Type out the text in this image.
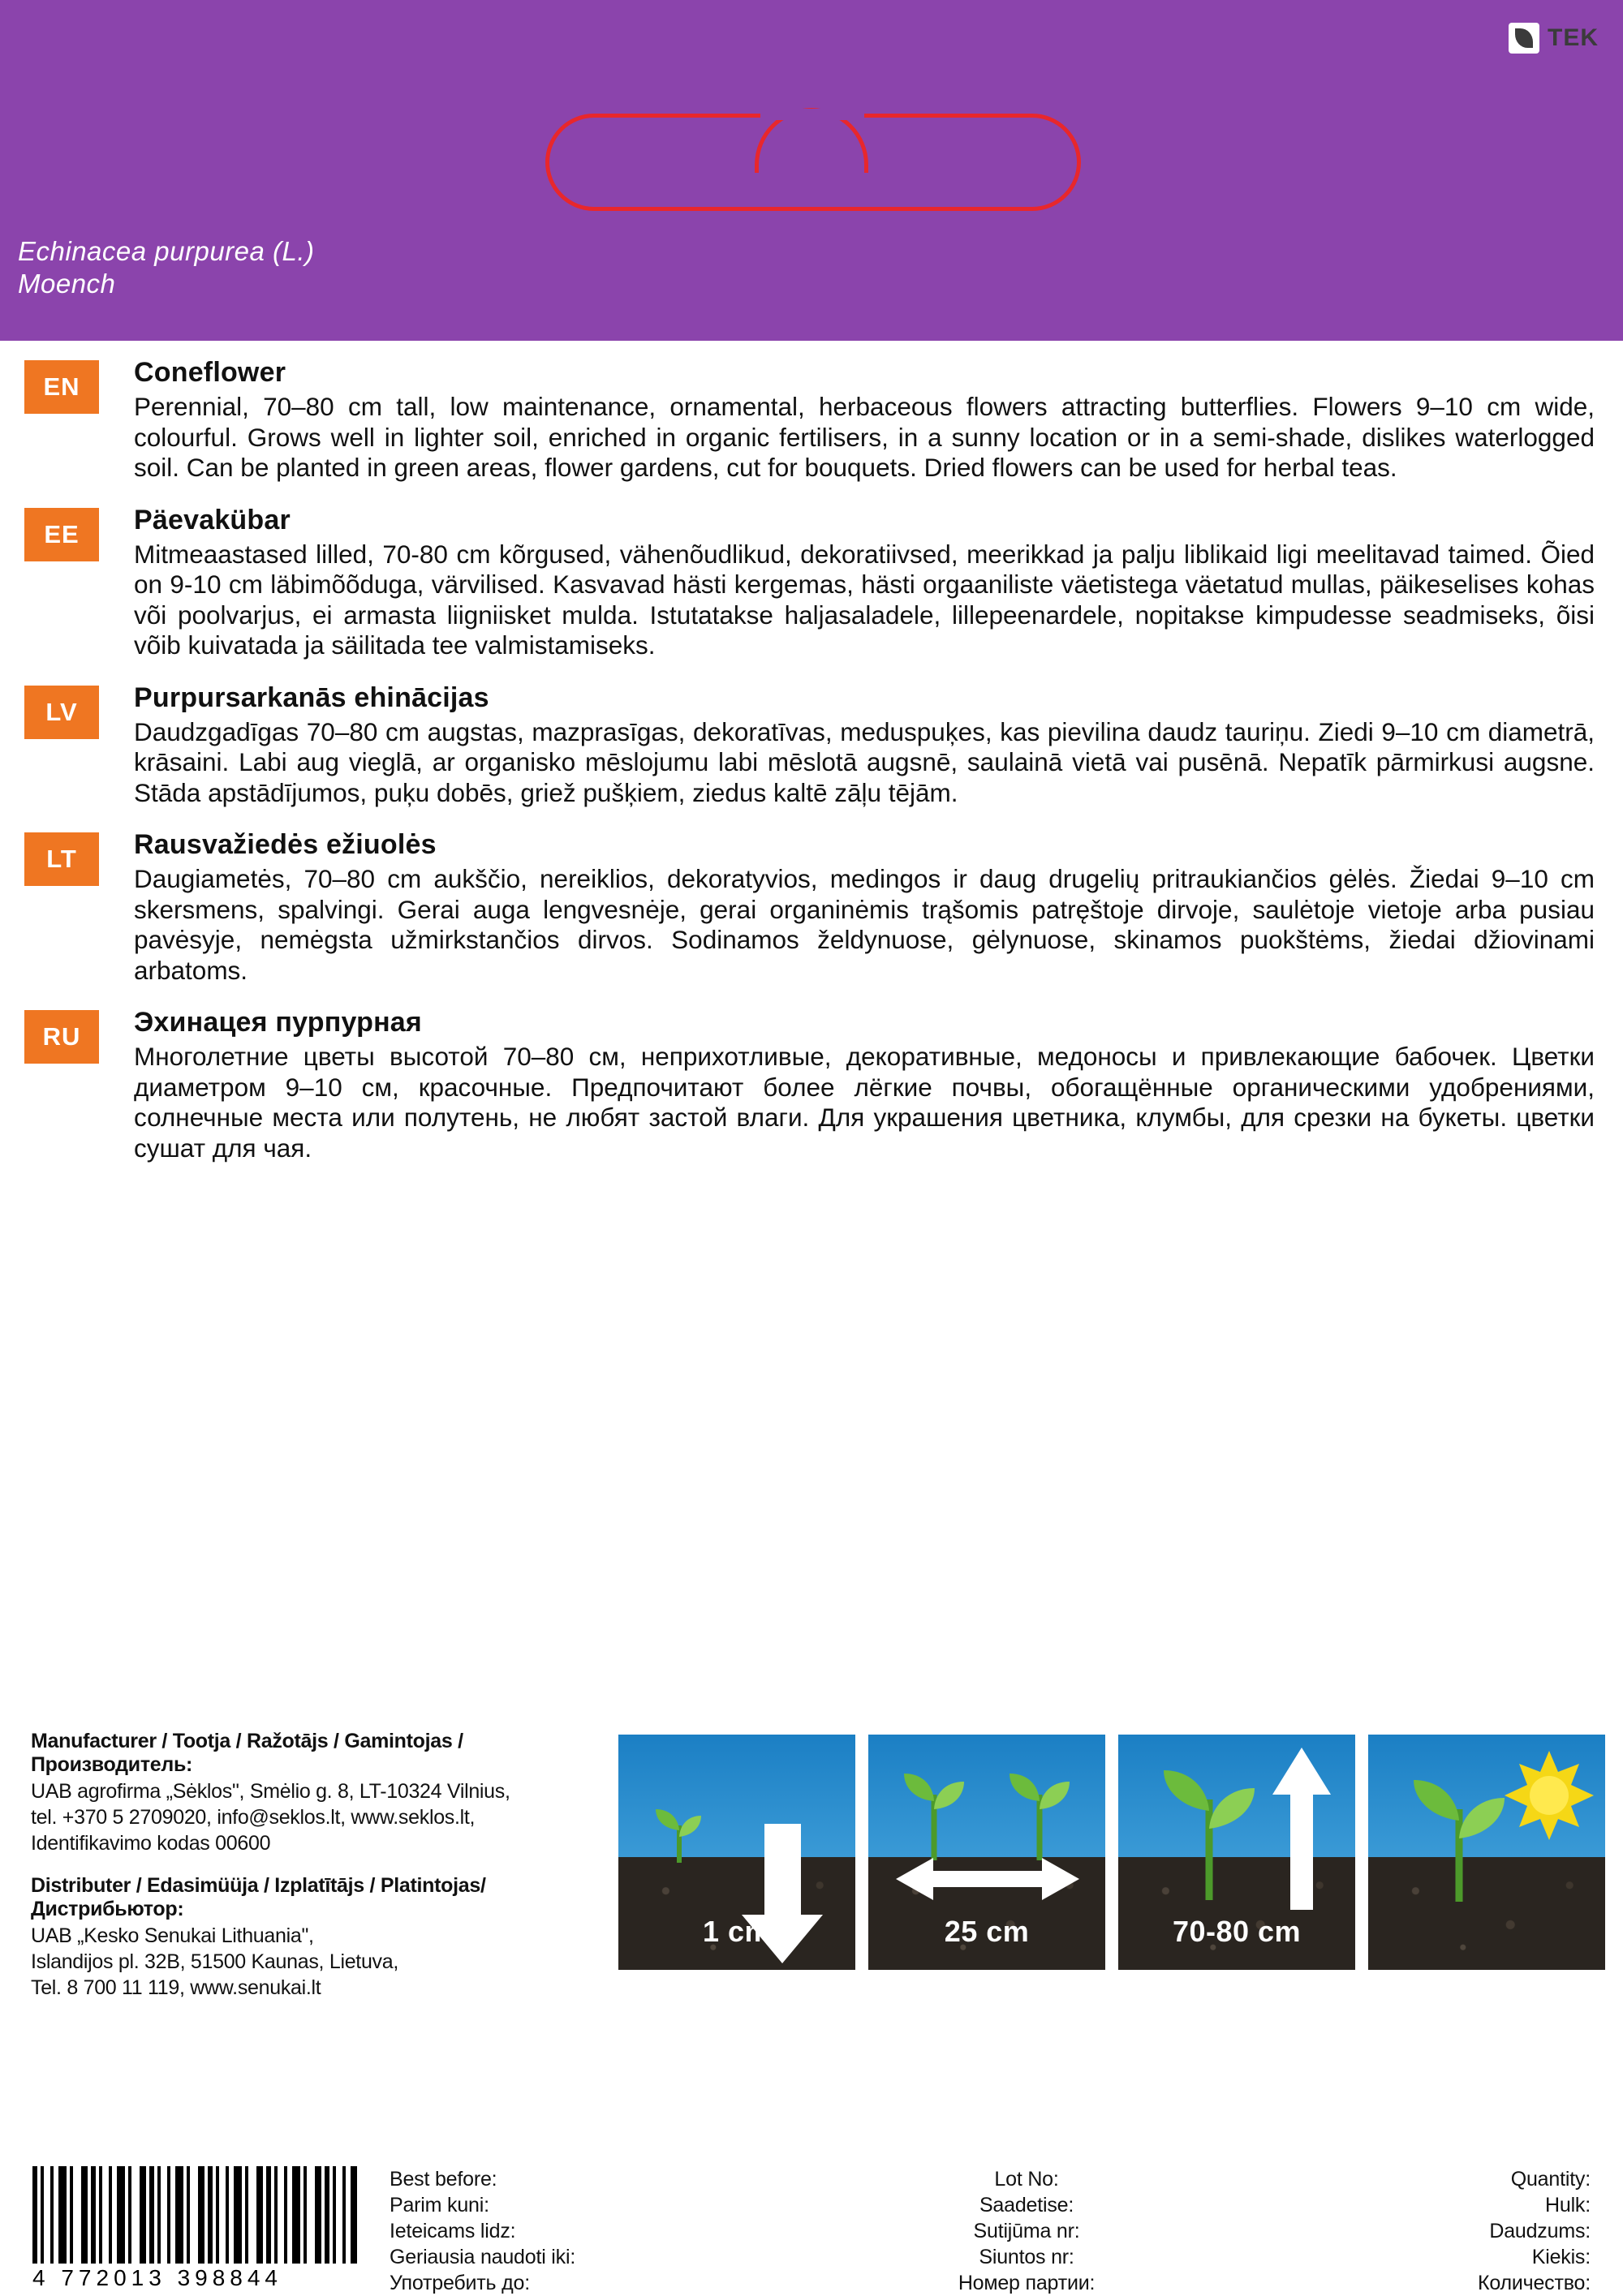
TEK
Echinacea purpurea (L.)
Moench
EN	Coneflower

Perennial, 70–80 cm tall, low maintenance, ornamental, herbaceous flowers attracting butterflies. Flowers 9–10 cm wide, colourful. Grows well in lighter soil, enriched in organic fertilisers, in a sunny location or in a semi-shade, dislikes waterlogged soil. Can be planted in green areas, flower gardens, cut for bouquets. Dried flowers can be used for herbal teas.

EE	Päevakübar

Mitmeaastased lilled, 70-80 cm kõrgused, vähenõudlikud, dekoratiivsed, meerikkad ja palju liblikaid ligi meelitavad taimed. Õied on 9-10 cm läbimõõduga, värvilised. Kasvavad hästi kergemas, hästi orgaaniliste väetistega väetatud mullas, päikeselises kohas või poolvarjus, ei armasta liigniisket mulda. Istutatakse haljasaladele, lillepeenardele, nopitakse kimpudesse seadmiseks, õisi võib kuivatada ja säilitada tee valmistamiseks.

LV	Purpursarkanās ehinācijas

Daudzgadīgas 70–80 cm augstas, mazprasīgas, dekoratīvas, meduspuķes, kas pievilina daudz tauriņu. Ziedi 9–10 cm diametrā, krāsaini. Labi aug vieglā, ar organisko mēslojumu labi mēslotā augsnē, saulainā vietā vai pusēnā. Nepatīk pārmirkusi augsne. Stāda apstādījumos, puķu dobēs, griež pušķiem, ziedus kaltē zāļu tējām.

LT	Rausvažiedės ežiuolės

Daugiametės, 70–80 cm aukščio, nereiklios, dekoratyvios, medingos ir daug drugelių pritraukiančios gėlės. Žiedai 9–10 cm skersmens, spalvingi. Gerai auga lengvesnėje, gerai organinėmis trąšomis patręštoje dirvoje, saulėtoje vietoje arba pusiau pavėsyje, nemėgsta užmirkstančios dirvos. Sodinamos želdynuose, gėlynuose, skinamos puokštėms, žiedai džiovinami arbatoms.

RU	Эхинацея пурпурная

Многолетние цветы высотой 70–80 см, неприхотливые, декоративные, медоносы и привлекающие бабочек. Цветки диаметром 9–10 см, красочные. Предпочитают более лёгкие почвы, обогащённые органическими удобрениями, солнечные места или полутень, не любят застой влаги. Для украшения цветника, клумбы, для срезки на букеты. цветки сушат для чая.

Manufacturer / Tootja / Ražotājs / Gamintojas /Производитель:
UAB agrofirma „Sėklos", Smėlio g. 8, LT-10324 Vilnius,
tel. +370 5 2709020, info@seklos.lt, www.seklos.lt,
Identifikavimo kodas 00600
Distributer / Edasimüüja / Izplatītājs / Platintojas/ Дистрибьютор:
UAB „Kesko Senukai Lithuania",
Islandijos pl. 32B, 51500 Kaunas, Lietuva,
Tel. 8 700 11 119, www.senukai.lt
1 cm	25 cm	70-80 cm
4 772013 398844
Best before:
Parim kuni:
Ieteicams lidz:
Geriausia naudoti iki:
Употребить до:
Lot No:
Saadetise:
Sutijūma nr:
Siuntos nr:
Номер партии:
Quantity:
Hulk:
Daudzums:
Kiekis:
Количество:
